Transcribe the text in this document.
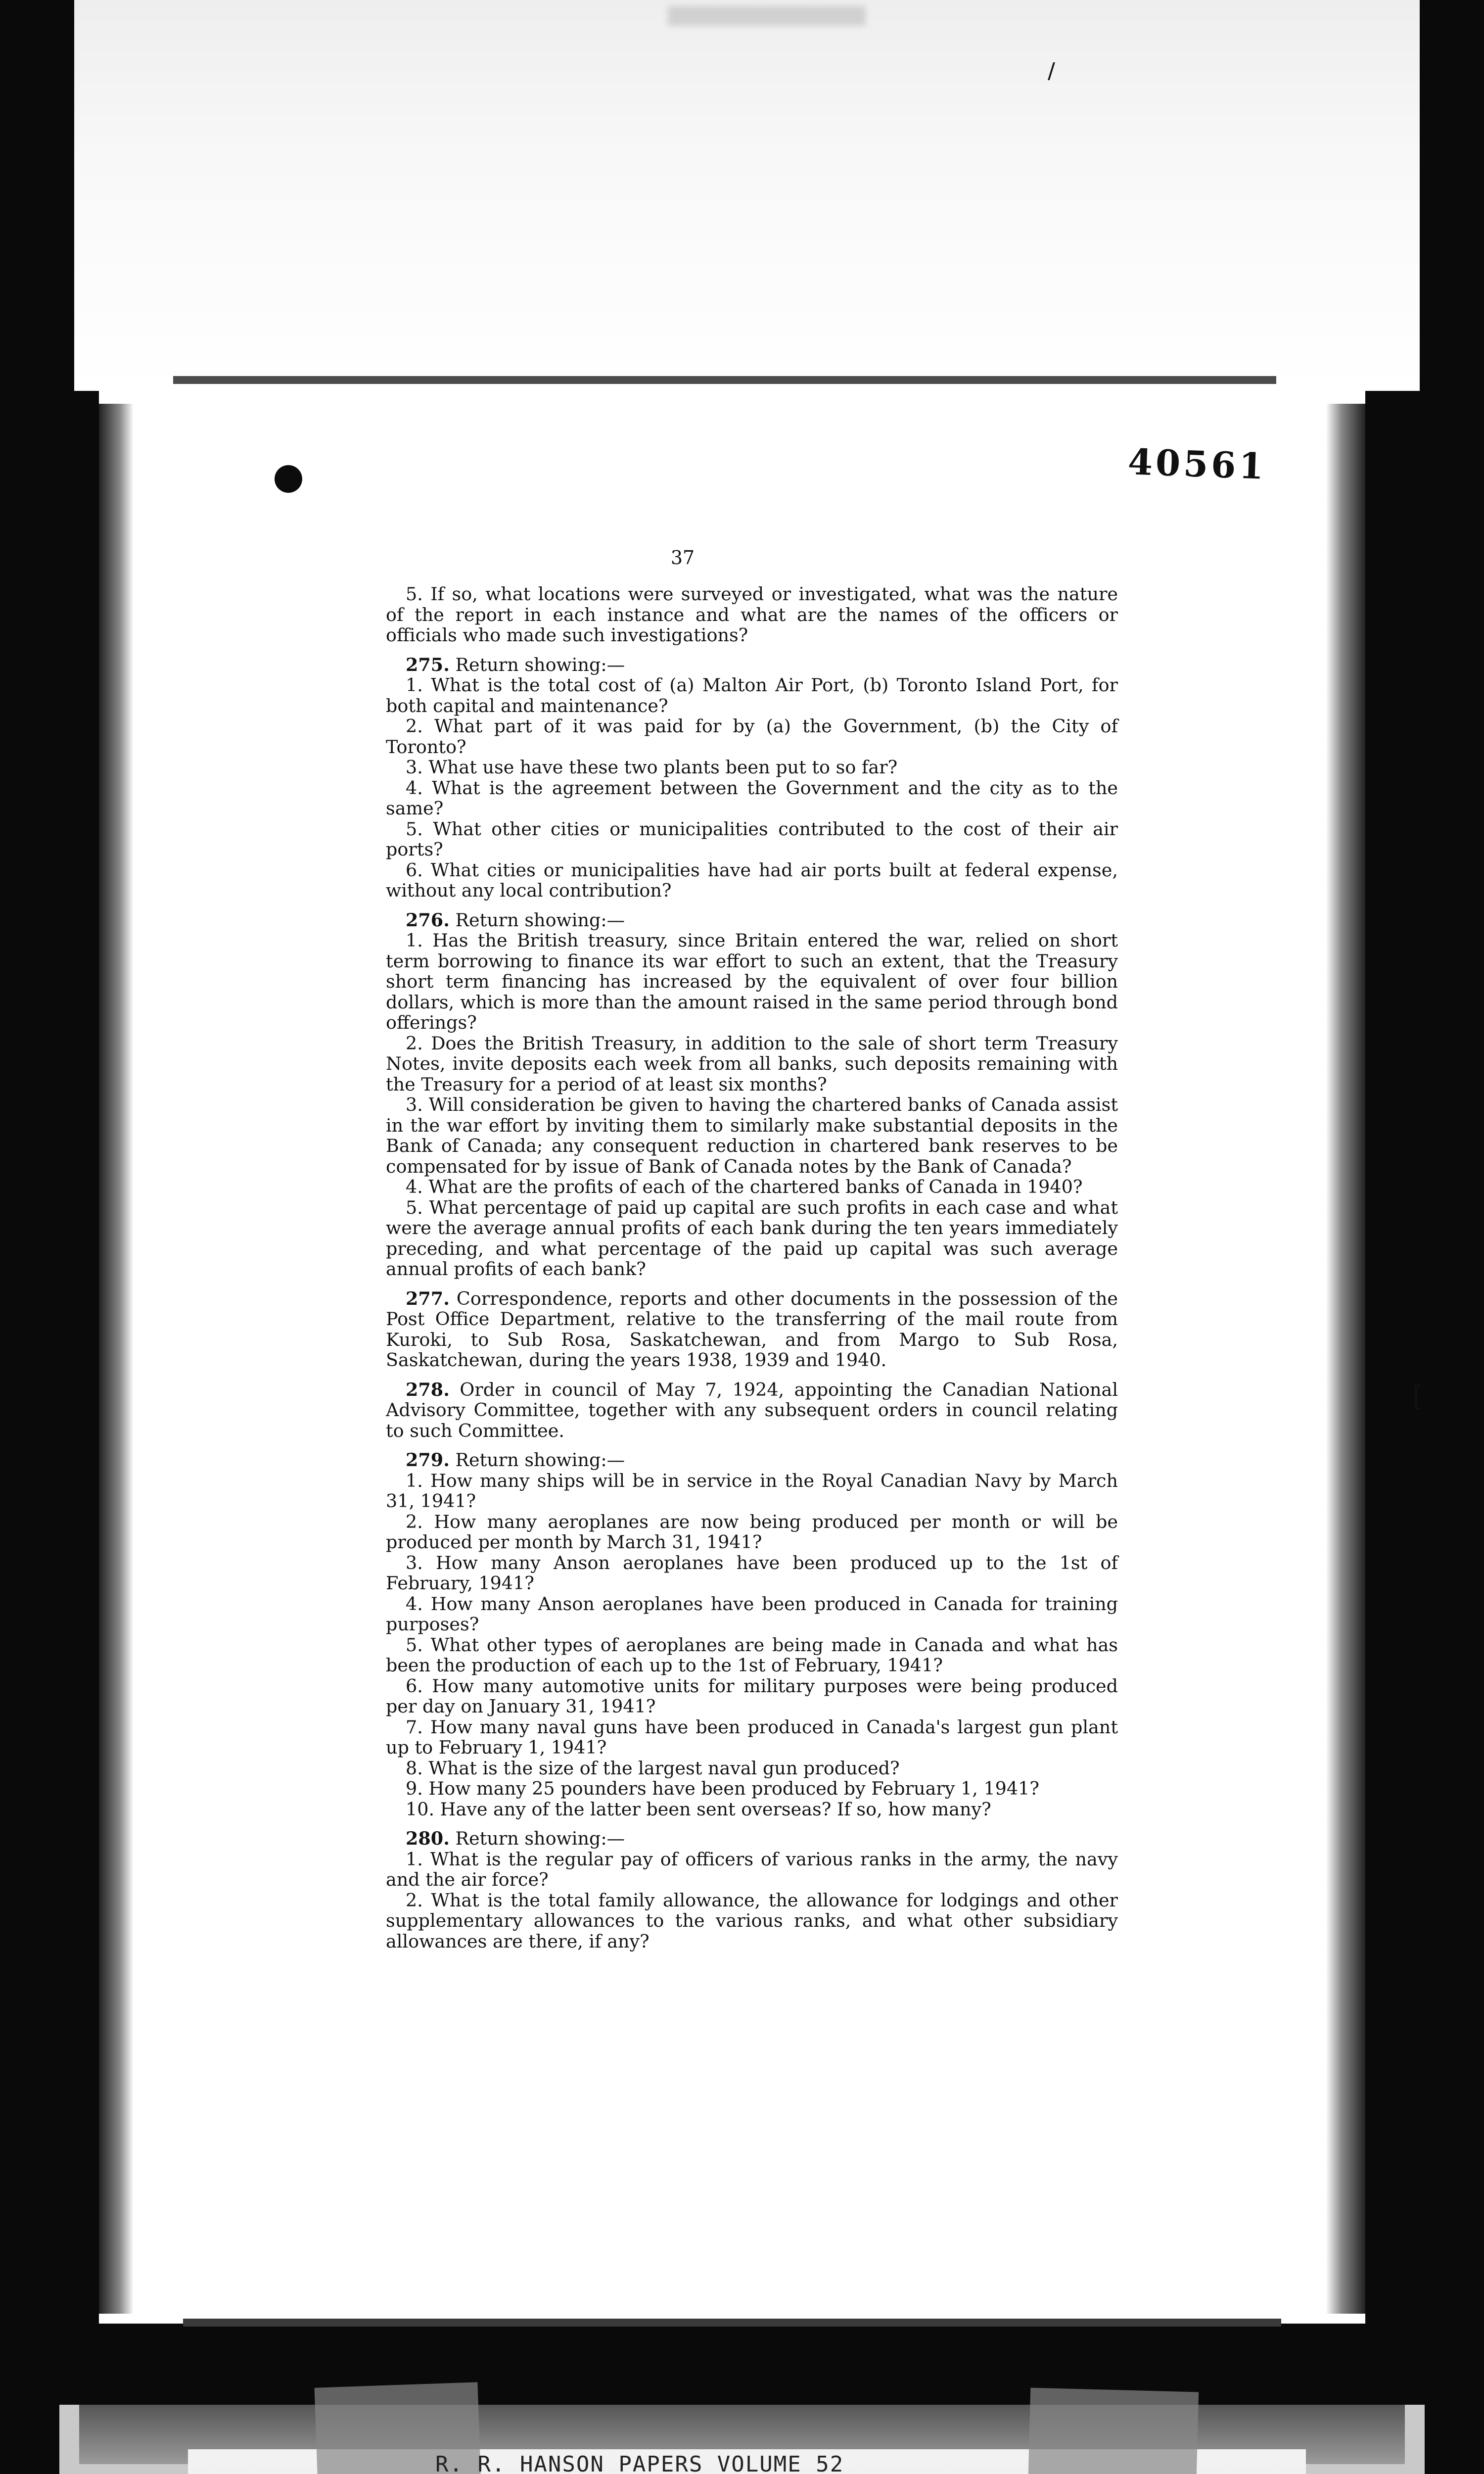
40561
37

5. If so, what locations were surveyed or investigated, what was the nature of the report in each instance and what are the names of the officers or officials who made such investigations?

275. Return showing:—

1. What is the total cost of (a) Malton Air Port, (b) Toronto Island Port, for both capital and maintenance?

2. What part of it was paid for by (a) the Government, (b) the City of Toronto?

3. What use have these two plants been put to so far?

4. What is the agreement between the Government and the city as to the same?

5. What other cities or municipalities contributed to the cost of their air ports?

6. What cities or municipalities have had air ports built at federal expense, without any local contribution?

276. Return showing:—

1. Has the British treasury, since Britain entered the war, relied on short term borrowing to finance its war effort to such an extent, that the Treasury short term financing has increased by the equivalent of over four billion dollars, which is more than the amount raised in the same period through bond offerings?

2. Does the British Treasury, in addition to the sale of short term Treasury Notes, invite deposits each week from all banks, such deposits remaining with the Treasury for a period of at least six months?

3. Will consideration be given to having the chartered banks of Canada assist in the war effort by inviting them to similarly make substantial deposits in the Bank of Canada; any consequent reduction in chartered bank reserves to be compensated for by issue of Bank of Canada notes by the Bank of Canada?

4. What are the profits of each of the chartered banks of Canada in 1940?

5. What percentage of paid up capital are such profits in each case and what were the average annual profits of each bank during the ten years immediately preceding, and what percentage of the paid up capital was such average annual profits of each bank?

277. Correspondence, reports and other documents in the possession of the Post Office Department, relative to the transferring of the mail route from Kuroki, to Sub Rosa, Saskatchewan, and from Margo to Sub Rosa, Saskatchewan, during the years 1938, 1939 and 1940.

278. Order in council of May 7, 1924, appointing the Canadian National Advisory Committee, together with any subsequent orders in council relating to such Committee.

279. Return showing:—

1. How many ships will be in service in the Royal Canadian Navy by March 31, 1941?

2. How many aeroplanes are now being produced per month or will be produced per month by March 31, 1941?

3. How many Anson aeroplanes have been produced up to the 1st of February, 1941?

4. How many Anson aeroplanes have been produced in Canada for training purposes?

5. What other types of aeroplanes are being made in Canada and what has been the production of each up to the 1st of February, 1941?

6. How many automotive units for military purposes were being produced per day on January 31, 1941?

7. How many naval guns have been produced in Canada's largest gun plant up to February 1, 1941?

8. What is the size of the largest naval gun produced?

9. How many 25 pounders have been produced by February 1, 1941?

10. Have any of the latter been sent overseas? If so, how many?

280. Return showing:—

1. What is the regular pay of officers of various ranks in the army, the navy and the air force?

2. What is the total family allowance, the allowance for lodgings and other supplementary allowances to the various ranks, and what other subsidiary allowances are there, if any?

R. R. HANSON PAPERS VOLUME 52
/
[
